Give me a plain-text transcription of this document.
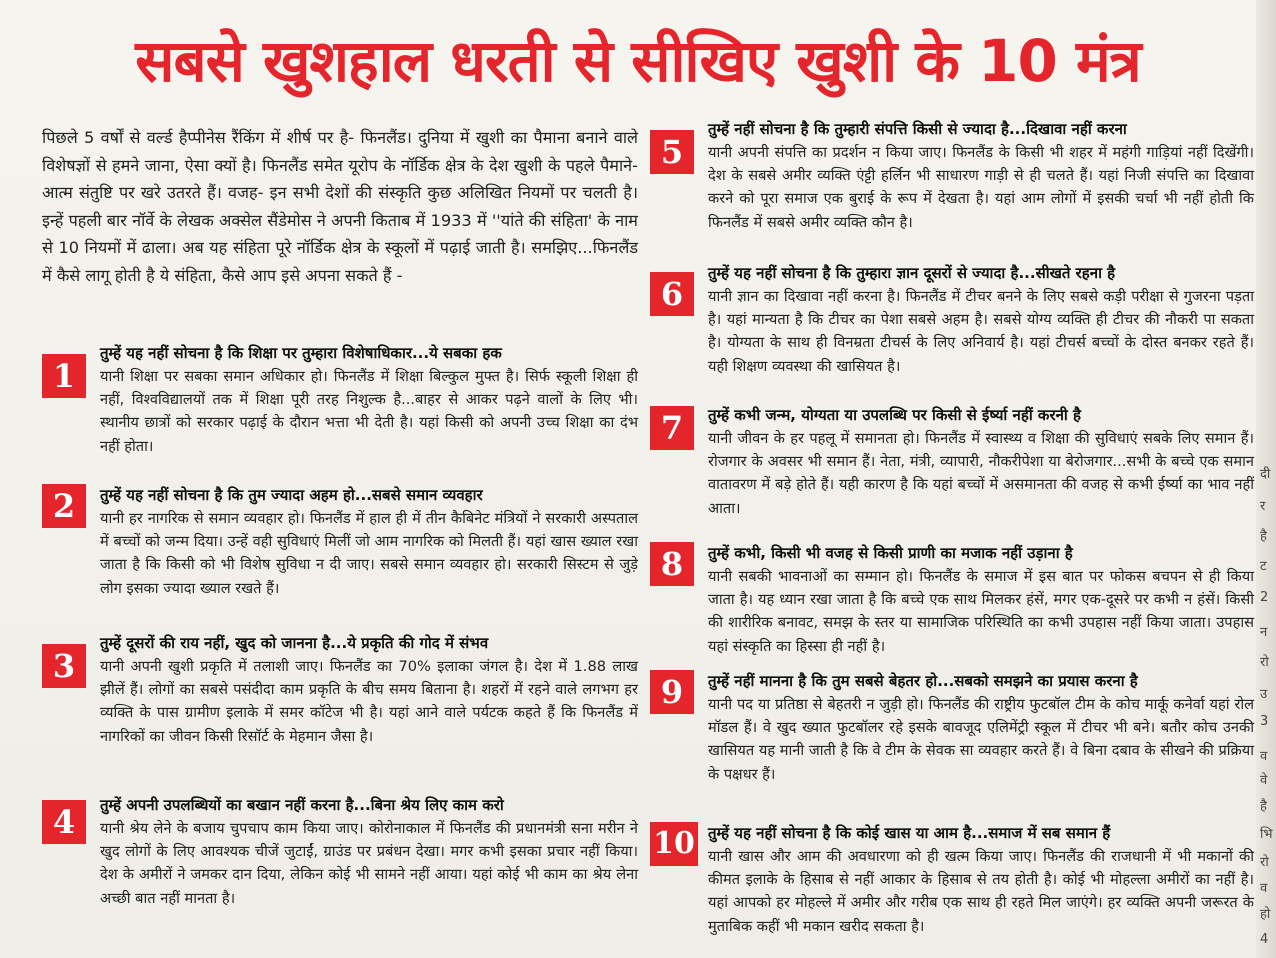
सबसे खुशहाल धरती से सीखिए खुशी के 10 मंत्र

पिछले 5 वर्षों से वर्ल्ड हैप्पीनेस रैंकिंग में शीर्ष पर है- फिनलैंड। दुनिया में खुशी का पैमाना बनाने वाले विशेषज्ञों से हमने जाना, ऐसा क्यों है। फिनलैंड समेत यूरोप के नॉर्डिक क्षेत्र के देश खुशी के पहले पैमाने-आत्म संतुष्टि पर खरे उतरते हैं। वजह- इन सभी देशों की संस्कृति कुछ अलिखित नियमों पर चलती है। इन्हें पहली बार नॉर्वे के लेखक अक्सेल सैंडेमोस ने अपनी किताब में 1933 में ''यांते की संहिता' के नाम से 10 नियमों में ढाला। अब यह संहिता पूरे नॉर्डिक क्षेत्र के स्कूलों में पढ़ाई जाती है। समझिए...फिनलैंड में कैसे लागू होती है ये संहिता, कैसे आप इसे अपना सकते हैं -

1
तुम्हें यह नहीं सोचना है कि शिक्षा पर तुम्हारा विशेषाधिकार...ये सबका हक
यानी शिक्षा पर सबका समान अधिकार हो। फिनलैंड में शिक्षा बिल्कुल मुफ्त है। सिर्फ स्कूली शिक्षा ही नहीं, विश्वविद्यालयों तक में शिक्षा पूरी तरह निशुल्क है...बाहर से आकर पढ़ने वालों के लिए भी। स्थानीय छात्रों को सरकार पढ़ाई के दौरान भत्ता भी देती है। यहां किसी को अपनी उच्च शिक्षा का दंभ नहीं होता।
2	तुम्हें यह नहीं सोचना है कि तुम ज्यादा अहम हो...सबसे समान व्यवहार
यानी हर नागरिक से समान व्यवहार हो। फिनलैंड में हाल ही में तीन कैबिनेट मंत्रियों ने सरकारी अस्पताल में बच्चों को जन्म दिया। उन्हें वही सुविधाएं मिलीं जो आम नागरिक को मिलती हैं। यहां खास ख्याल रखा जाता है कि किसी को भी विशेष सुविधा न दी जाए। सबसे समान व्यवहार हो। सरकारी सिस्टम से जुड़े लोग इसका ज्यादा ख्याल रखते हैं।
3
तुम्हें दूसरों की राय नहीं, खुद को जानना है...ये प्रकृति की गोद में संभव
यानी अपनी खुशी प्रकृति में तलाशी जाए। फिनलैंड का 70% इलाका जंगल है। देश में 1.88 लाख झीलें हैं। लोगों का सबसे पसंदीदा काम प्रकृति के बीच समय बिताना है। शहरों में रहने वाले लगभग हर व्यक्ति के पास ग्रामीण इलाके में समर कॉटेज भी है। यहां आने वाले पर्यटक कहते हैं कि फिनलैंड में नागरिकों का जीवन किसी रिसॉर्ट के मेहमान जैसा है।
4	तुम्हें अपनी उपलब्धियों का बखान नहीं करना है...बिना श्रेय लिए काम करो
यानी श्रेय लेने के बजाय चुपचाप काम किया जाए। कोरोनाकाल में फिनलैंड की प्रधानमंत्री सना मरीन ने खुद लोगों के लिए आवश्यक चीजें जुटाईं, ग्राउंड पर प्रबंधन देखा। मगर कभी इसका प्रचार नहीं किया। देश के अमीरों ने जमकर दान दिया, लेकिन कोई भी सामने नहीं आया। यहां कोई भी काम का श्रेय लेना अच्छी बात नहीं मानता है।
5
तुम्हें नहीं सोचना है कि तुम्हारी संपत्ति किसी से ज्यादा है...दिखावा नहीं करना
यानी अपनी संपत्ति का प्रदर्शन न किया जाए। फिनलैंड के किसी भी शहर में महंगी गाड़ियां नहीं दिखेंगी। देश के सबसे अमीर व्यक्ति एंट्टी हर्लिन भी साधारण गाड़ी से ही चलते हैं। यहां निजी संपत्ति का दिखावा करने को पूरा समाज एक बुराई के रूप में देखता है। यहां आम लोगों में इसकी चर्चा भी नहीं होती कि फिनलैंड में सबसे अमीर व्यक्ति कौन है।
6
तुम्हें यह नहीं सोचना है कि तुम्हारा ज्ञान दूसरों से ज्यादा है...सीखते रहना है
यानी ज्ञान का दिखावा नहीं करना है। फिनलैंड में टीचर बनने के लिए सबसे कड़ी परीक्षा से गुजरना पड़ता है। यहां मान्यता है कि टीचर का पेशा सबसे अहम है। सबसे योग्य व्यक्ति ही टीचर की नौकरी पा सकता है। योग्यता के साथ ही विनम्रता टीचर्स के लिए अनिवार्य है। यहां टीचर्स बच्चों के दोस्त बनकर रहते हैं। यही शिक्षण व्यवस्था की खासियत है।
7	तुम्हें कभी जन्म, योग्यता या उपलब्धि पर किसी से ईर्ष्या नहीं करनी है
यानी जीवन के हर पहलू में समानता हो। फिनलैंड में स्वास्थ्य व शिक्षा की सुविधाएं सबके लिए समान हैं। रोजगार के अवसर भी समान हैं। नेता, मंत्री, व्यापारी, नौकरीपेशा या बेरोजगार...सभी के बच्चे एक समान वातावरण में बड़े होते हैं। यही कारण है कि यहां बच्चों में असमानता की वजह से कभी ईर्ष्या का भाव नहीं आता।
8	तुम्हें कभी, किसी भी वजह से किसी प्राणी का मजाक नहीं उड़ाना है
यानी सबकी भावनाओं का सम्मान हो। फिनलैंड के समाज में इस बात पर फोकस बचपन से ही किया जाता है। यह ध्यान रखा जाता है कि बच्चे एक साथ मिलकर हंसें, मगर एक-दूसरे पर कभी न हंसें। किसी की शारीरिक बनावट, समझ के स्तर या सामाजिक परिस्थिति का कभी उपहास नहीं किया जाता। उपहास यहां संस्कृति का हिस्सा ही नहीं है।
9	तुम्हें नहीं मानना है कि तुम सबसे बेहतर हो...सबको समझने का प्रयास करना है
यानी पद या प्रतिष्ठा से बेहतरी न जुड़ी हो। फिनलैंड की राष्ट्रीय फुटबॉल टीम के कोच मार्कू कनेर्वा यहां रोल मॉडल हैं। वे खुद ख्यात फुटबॉलर रहे इसके बावजूद एलिमेंट्री स्कूल में टीचर भी बने। बतौर कोच उनकी खासियत यह मानी जाती है कि वे टीम के सेवक सा व्यवहार करते हैं। वे बिना दबाव के सीखने की प्रक्रिया के पक्षधर हैं।
10 तुम्हें यह नहीं सोचना है कि कोई खास या आम है...समाज में सब समान हैं
यानी खास और आम की अवधारणा को ही खत्म किया जाए। फिनलैंड की राजधानी में भी मकानों की कीमत इलाके के हिसाब से नहीं आकार के हिसाब से तय होती है। कोई भी मोहल्ला अमीरों का नहीं है। यहां आपको हर मोहल्ले में अमीर और गरीब एक साथ ही रहते मिल जाएंगे। हर व्यक्ति अपनी जरूरत के मुताबिक कहीं भी मकान खरीद सकता है।
दी
र
है
ट
2
न
रो
उ
3
व
वे
है
भि
रो
व
हो
4
